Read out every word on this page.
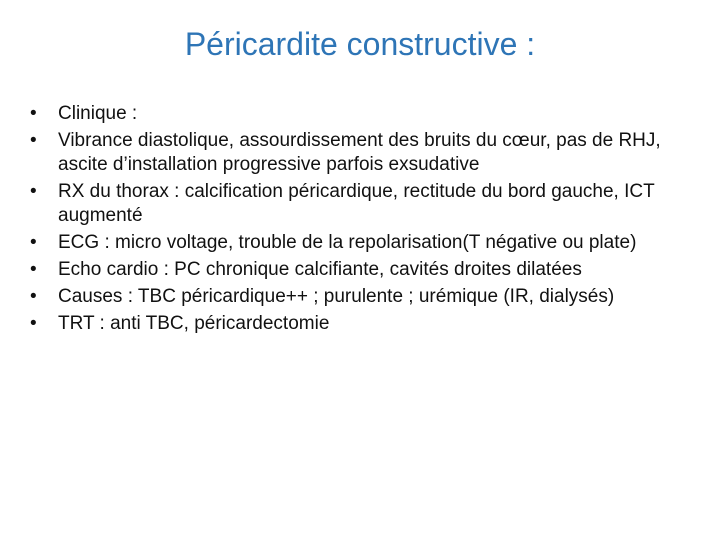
Péricardite constructive :
•	Clinique :
•	Vibrance diastolique, assourdissement des bruits du cœur, pas de RHJ, ascite d’installation progressive parfois exsudative
•	RX du thorax : calcification péricardique, rectitude du bord gauche, ICT augmenté
•	ECG : micro voltage, trouble de la repolarisation(T négative ou plate)
•	Echo cardio : PC chronique calcifiante, cavités droites dilatées
•	Causes : TBC péricardique++ ; purulente ; urémique (IR, dialysés)
•	TRT : anti TBC, péricardectomie
